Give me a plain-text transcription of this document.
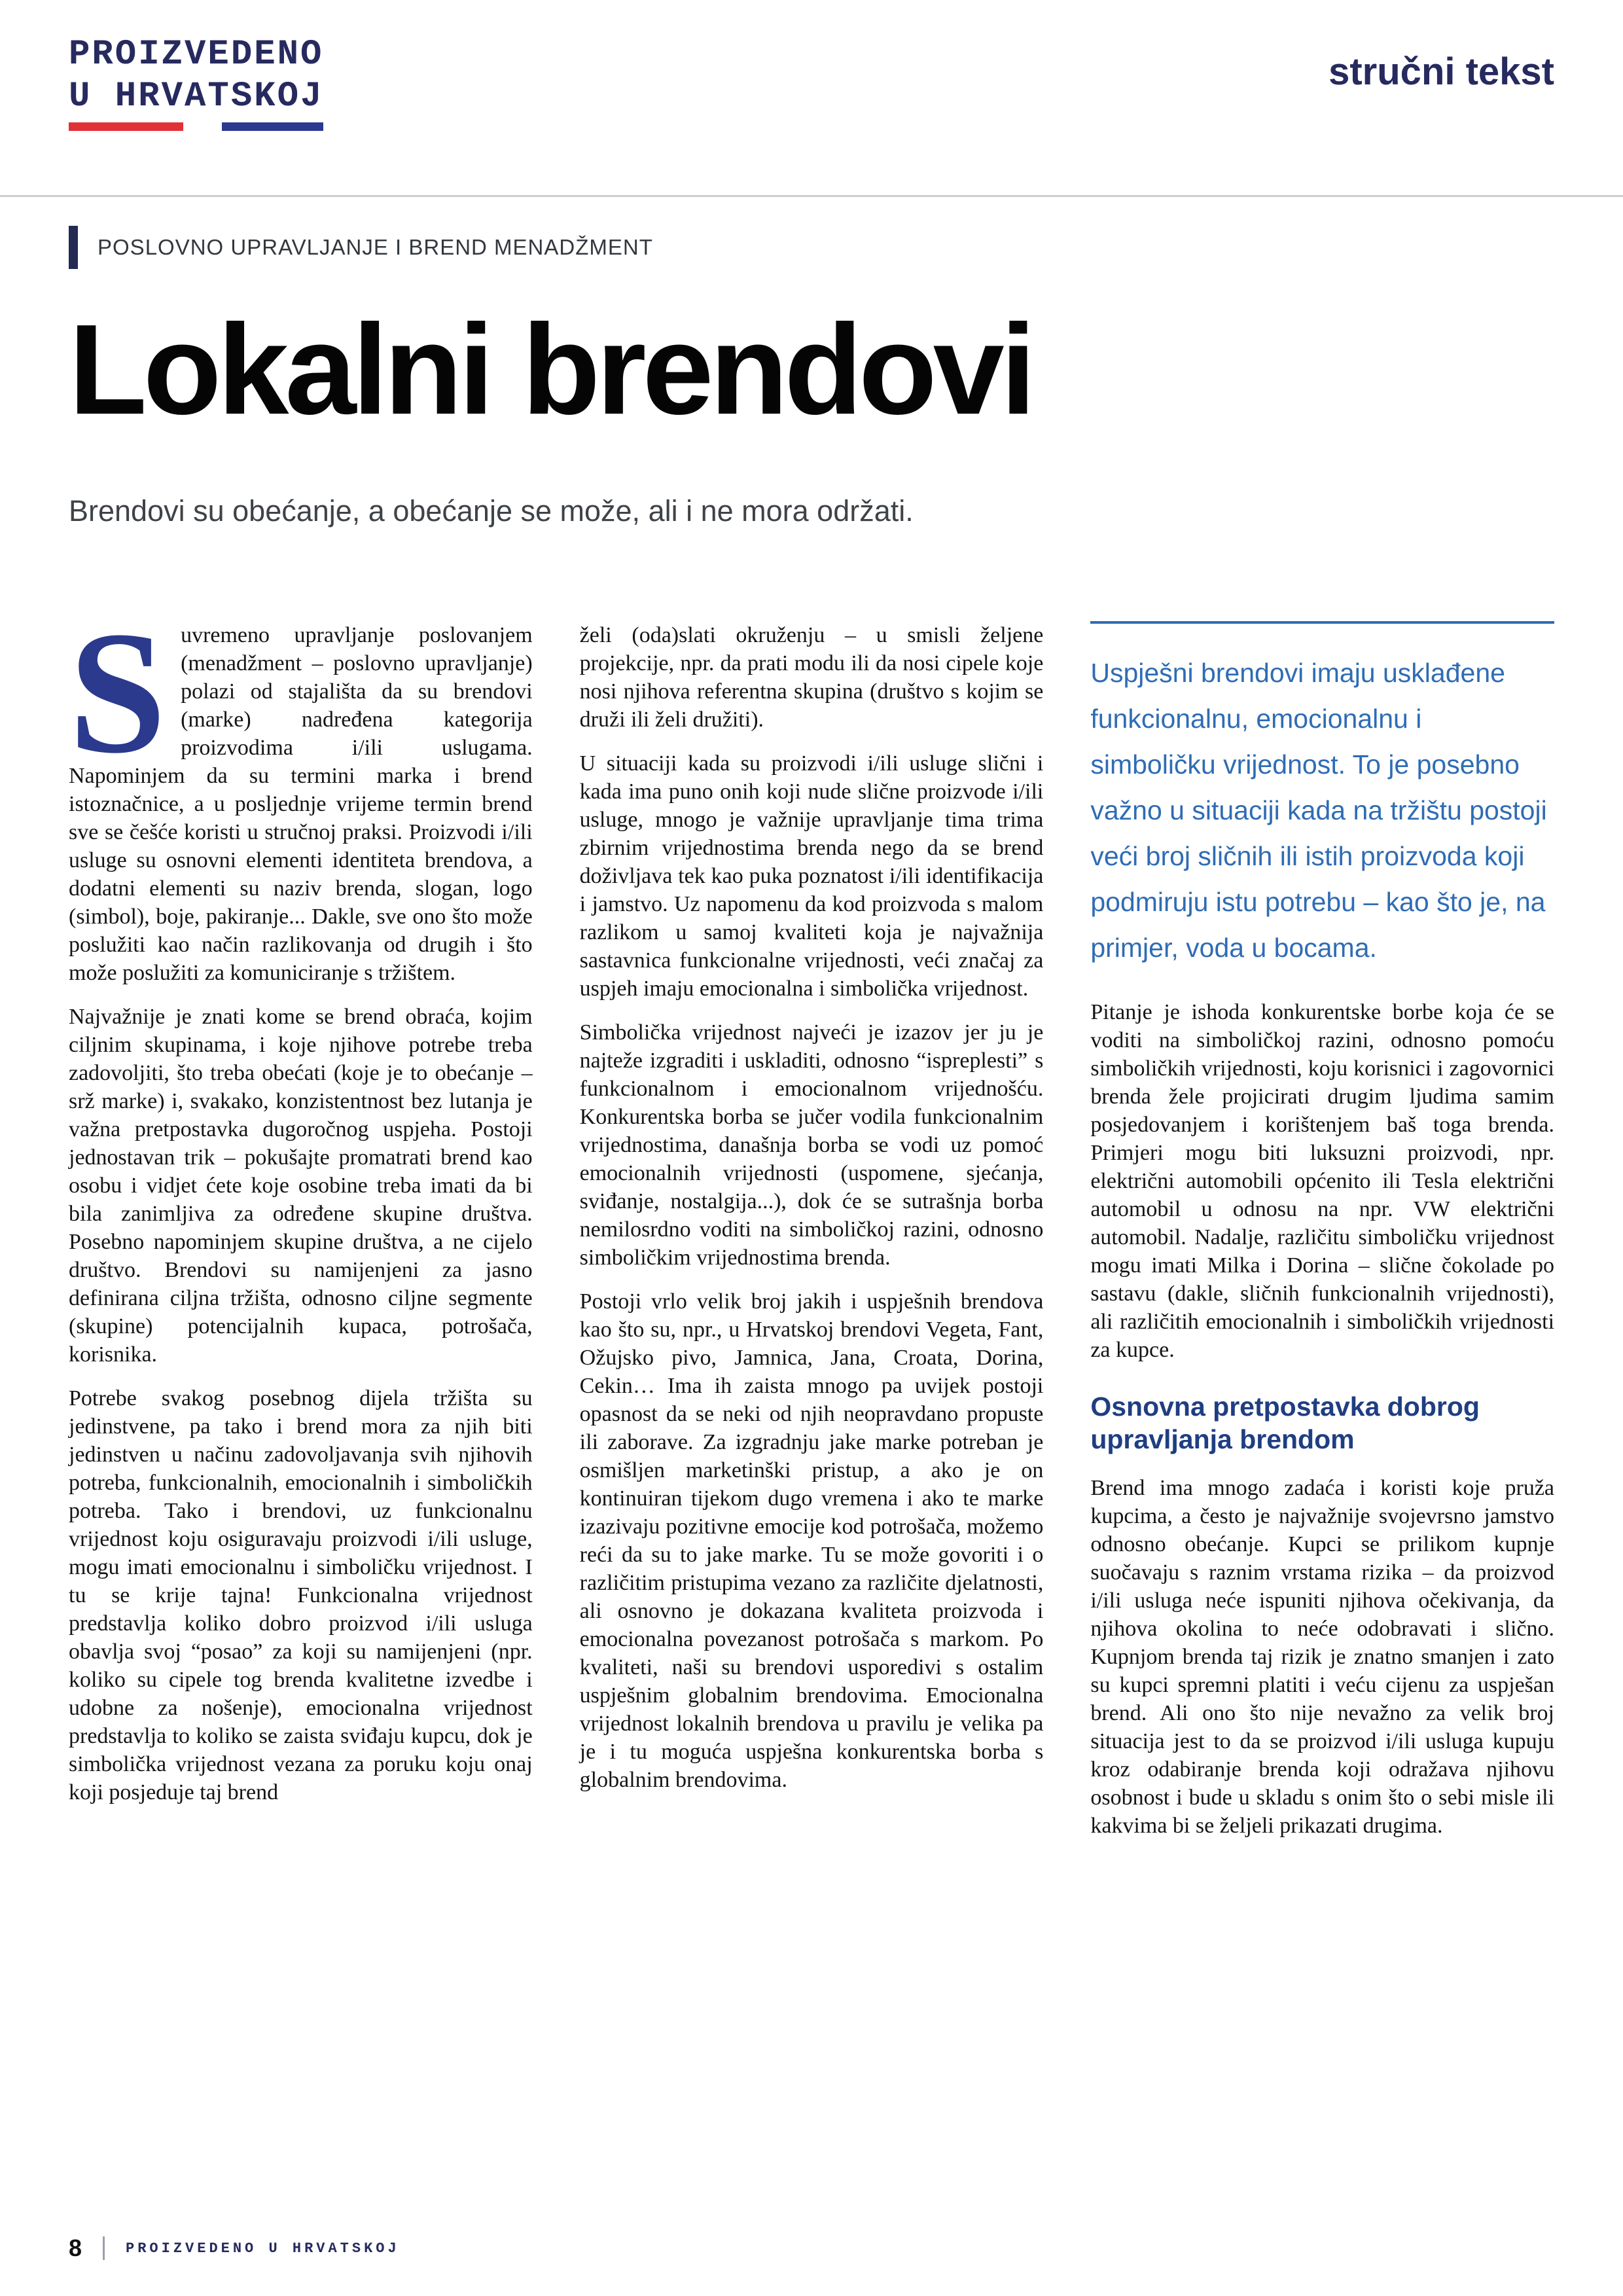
PROIZVEDENO
U HRVATSKOJ
stručni tekst
POSLOVNO UPRAVLJANJE I BREND MENADŽMENT
Lokalni brendovi

Brendovi su obećanje, a obećanje se može, ali i ne mora održati.

Suvremeno upravljanje poslovanjem (menadžment – poslovno upravljanje) polazi od stajališta da su brendovi (marke) nadređena kategorija proizvodima i/ili uslugama. Napominjem da su termini marka i brend istoznačnice, a u posljednje vrijeme termin brend sve se češće koristi u stručnoj praksi. Proizvodi i/ili usluge su osnovni elementi identiteta brendova, a dodatni elementi su naziv brenda, slogan, logo (simbol), boje, pakiranje... Dakle, sve ono što može poslužiti kao način razlikovanja od drugih i što može poslužiti za komuniciranje s tržištem.

Najvažnije je znati kome se brend obraća, kojim ciljnim skupinama, i koje njihove potrebe treba zadovoljiti, što treba obećati (koje je to obećanje – srž marke) i, svakako, konzistentnost bez lutanja je važna pretpostavka dugoročnog uspjeha. Postoji jednostavan trik – pokušajte promatrati brend kao osobu i vidjet ćete koje osobine treba imati da bi bila zanimljiva za određene skupine društva. Posebno napominjem skupine društva, a ne cijelo društvo. Brendovi su namijenjeni za jasno definirana ciljna tržišta, odnosno ciljne segmente (skupine) potencijalnih kupaca, potrošača, korisnika.

Potrebe svakog posebnog dijela tržišta su jedinstvene, pa tako i brend mora za njih biti jedinstven u načinu zadovoljavanja svih njihovih potreba, funkcionalnih, emocionalnih i simboličkih potreba. Tako i brendovi, uz funkcionalnu vrijednost koju osiguravaju proizvodi i/ili usluge, mogu imati emocionalnu i simboličku vrijednost. I tu se krije tajna! Funkcionalna vrijednost predstavlja koliko dobro proizvod i/ili usluga obavlja svoj “posao” za koji su namijenjeni (npr. koliko su cipele tog brenda kvalitetne izvedbe i udobne za nošenje), emocionalna vrijednost predstavlja to koliko se zaista sviđaju kupcu, dok je simbolička vrijednost vezana za poruku koju onaj koji posjeduje taj brend

želi (oda)slati okruženju – u smisli željene projekcije, npr. da prati modu ili da nosi cipele koje nosi njihova referentna skupina (društvo s kojim se druži ili želi družiti).

U situaciji kada su proizvodi i/ili usluge slični i kada ima puno onih koji nude slične proizvode i/ili usluge, mnogo je važnije upravljanje tima trima zbirnim vrijednostima brenda nego da se brend doživljava tek kao puka poznatost i/ili identifikacija i jamstvo. Uz napomenu da kod proizvoda s malom razlikom u samoj kvaliteti koja je najvažnija sastavnica funkcionalne vrijednosti, veći značaj za uspjeh imaju emocionalna i simbolička vrijednost.

Simbolička vrijednost najveći je izazov jer ju je najteže izgraditi i uskladiti, odnosno “ispreplesti” s funkcionalnom i emocionalnom vrijednošću. Konkurentska borba se jučer vodila funkcionalnim vrijednostima, današnja borba se vodi uz pomoć emocionalnih vrijednosti (uspomene, sjećanja, sviđanje, nostalgija...), dok će se sutrašnja borba nemilosrdno voditi na simboličkoj razini, odnosno simboličkim vrijednostima brenda.

Postoji vrlo velik broj jakih i uspješnih brendova kao što su, npr., u Hrvatskoj brendovi Vegeta, Fant, Ožujsko pivo, Jamnica, Jana, Croata, Dorina, Cekin… Ima ih zaista mnogo pa uvijek postoji opasnost da se neki od njih neopravdano propuste ili zaborave. Za izgradnju jake marke potreban je osmišljen marketinški pristup, a ako je on kontinuiran tijekom dugo vremena i ako te marke izazivaju pozitivne emocije kod potrošača, možemo reći da su to jake marke. Tu se može govoriti i o različitim pristupima vezano za različite djelatnosti, ali osnovno je dokazana kvaliteta proizvoda i emocionalna povezanost potrošača s markom. Po kvaliteti, naši su brendovi usporedivi s ostalim uspješnim globalnim brendovima. Emocionalna vrijednost lokalnih brendova u pravilu je velika pa je i tu moguća uspješna konkurentska borba s globalnim brendovima.

Uspješni brendovi imaju usklađene funkcionalnu, emocionalnu i simboličku vrijednost. To je posebno važno u situaciji kada na tržištu postoji veći broj sličnih ili istih proizvoda koji podmiruju istu potrebu – kao što je, na primjer, voda u bocama.

Pitanje je ishoda konkurentske borbe koja će se voditi na simboličkoj razini, odnosno pomoću simboličkih vrijednosti, koju korisnici i zagovornici brenda žele projicirati drugim ljudima samim posjedovanjem i korištenjem baš toga brenda. Primjeri mogu biti luksuzni proizvodi, npr. električni automobili općenito ili Tesla električni automobil u odnosu na npr. VW električni automobil. Nadalje, različitu simboličku vrijednost mogu imati Milka i Dorina – slične čokolade po sastavu (dakle, sličnih funkcionalnih vrijednosti), ali različitih emocionalnih i simboličkih vrijednosti za kupce.

Osnovna pretpostavka dobrog upravljanja brendom

Brend ima mnogo zadaća i koristi koje pruža kupcima, a često je najvažnije svojevrsno jamstvo odnosno obećanje. Kupci se prilikom kupnje suočavaju s raznim vrstama rizika – da proizvod i/ili usluga neće ispuniti njihova očekivanja, da njihova okolina to neće odobravati i slično. Kupnjom brenda taj rizik je znatno smanjen i zato su kupci spremni platiti i veću cijenu za uspješan brend. Ali ono što nije nevažno za velik broj situacija jest to da se proizvod i/ili usluga kupuju kroz odabiranje brenda koji odražava njihovu osobnost i bude u skladu s onim što o sebi misle ili kakvima bi se željeli prikazati drugima.

8	PROIZVEDENO U HRVATSKOJ
